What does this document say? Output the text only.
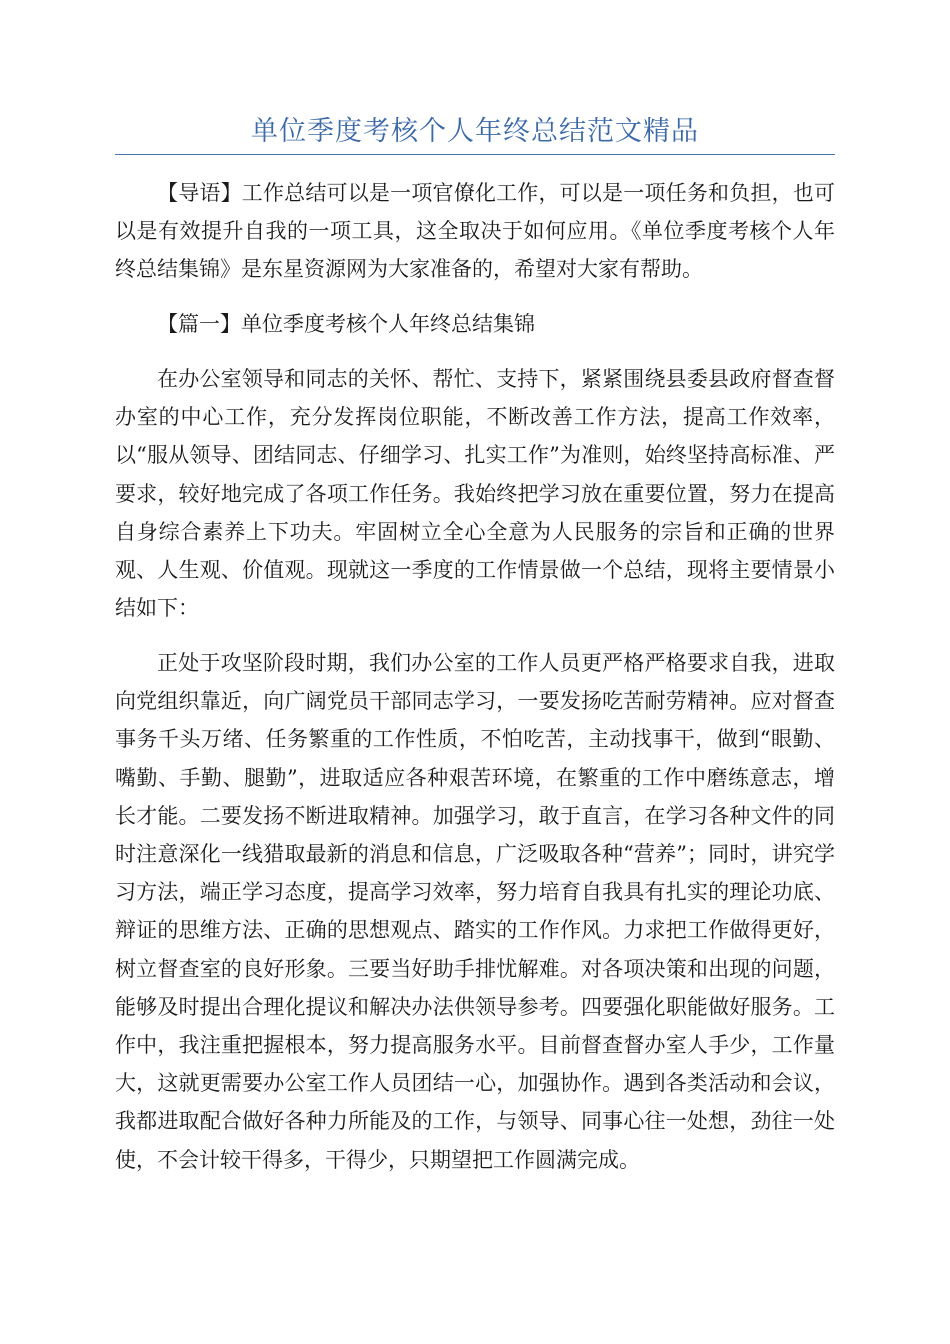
单位季度考核个人年终总结范文精品

【导语】工作总结可以是一项官僚化工作，可以是一项任务和负担，也可以是有效提升自我的一项工具，这全取决于如何应用。《单位季度考核个人年终总结集锦》是东星资源网为大家准备的，希望对大家有帮助。

【篇一】单位季度考核个人年终总结集锦

在办公室领导和同志的关怀、帮忙、支持下，紧紧围绕县委县政府督查督办室的中心工作，充分发挥岗位职能，不断改善工作方法，提高工作效率，以“服从领导、团结同志、仔细学习、扎实工作”为准则，始终坚持高标准、严要求，较好地完成了各项工作任务。我始终把学习放在重要位置，努力在提高自身综合素养上下功夫。牢固树立全心全意为人民服务的宗旨和正确的世界观、人生观、价值观。现就这一季度的工作情景做一个总结，现将主要情景小结如下：

正处于攻坚阶段时期，我们办公室的工作人员更严格严格要求自我，进取向党组织靠近，向广阔党员干部同志学习，一要发扬吃苦耐劳精神。应对督查事务千头万绪、任务繁重的工作性质，不怕吃苦，主动找事干，做到“眼勤、嘴勤、手勤、腿勤”，进取适应各种艰苦环境，在繁重的工作中磨练意志，增长才能。二要发扬不断进取精神。加强学习，敢于直言，在学习各种文件的同时注意深化一线猎取最新的消息和信息，广泛吸取各种“营养”；同时，讲究学习方法，端正学习态度，提高学习效率，努力培育自我具有扎实的理论功底、辩证的思维方法、正确的思想观点、踏实的工作作风。力求把工作做得更好，树立督查室的良好形象。三要当好助手排忧解难。对各项决策和出现的问题，能够及时提出合理化提议和解决办法供领导参考。四要强化职能做好服务。工作中，我注重把握根本，努力提高服务水平。目前督查督办室人手少，工作量大，这就更需要办公室工作人员团结一心，加强协作。遇到各类活动和会议，我都进取配合做好各种力所能及的工作，与领导、同事心往一处想，劲往一处使，不会计较干得多，干得少，只期望把工作圆满完成。
